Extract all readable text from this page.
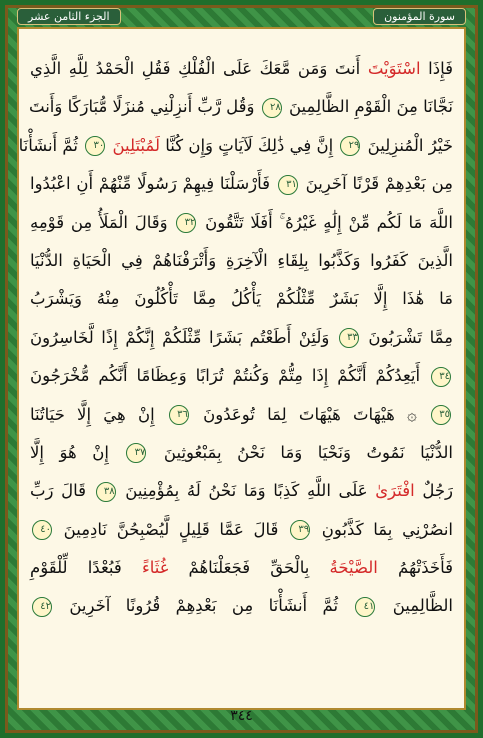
الجزء الثامن عشر	سورة المؤمنون
فَإِذَا اسْتَوَيْتَ أَنتَ وَمَن مَّعَكَ عَلَى الْفُلْكِ فَقُلِ الْحَمْدُ لِلَّهِ الَّذِي
نَجَّانَا مِنَ الْقَوْمِ الظَّالِمِينَ ٢٨ وَقُل رَّبِّ أَنزِلْنِي مُنزَلًا مُّبَارَكًا وَأَنتَ
خَيْرُ الْمُنزِلِينَ ٢٩ إِنَّ فِي ذَٰلِكَ لَآيَاتٍ وَإِن كُنَّا لَمُبْتَلِينَ ٣٠ ثُمَّ أَنشَأْنَا
مِن بَعْدِهِمْ قَرْنًا آخَرِينَ ٣١ فَأَرْسَلْنَا فِيهِمْ رَسُولًا مِّنْهُمْ أَنِ اعْبُدُوا
اللَّهَ مَا لَكُم مِّنْ إِلَٰهٍ غَيْرُهُ ۚ أَفَلَا تَتَّقُونَ ٣٢ وَقَالَ الْمَلَأُ مِن قَوْمِهِ
الَّذِينَ كَفَرُوا وَكَذَّبُوا بِلِقَاءِ الْآخِرَةِ وَأَتْرَفْنَاهُمْ فِي الْحَيَاةِ الدُّنْيَا
مَا هَٰذَا إِلَّا بَشَرٌ مِّثْلُكُمْ يَأْكُلُ مِمَّا تَأْكُلُونَ مِنْهُ وَيَشْرَبُ
مِمَّا تَشْرَبُونَ ٣٣ وَلَئِنْ أَطَعْتُم بَشَرًا مِّثْلَكُمْ إِنَّكُمْ إِذًا لَّخَاسِرُونَ
٣٤ أَيَعِدُكُمْ أَنَّكُمْ إِذَا مِتُّمْ وَكُنتُمْ تُرَابًا وَعِظَامًا أَنَّكُم مُّخْرَجُونَ
٣٥ ۞ هَيْهَاتَ هَيْهَاتَ لِمَا تُوعَدُونَ ٣٦ إِنْ هِيَ إِلَّا حَيَاتُنَا
الدُّنْيَا نَمُوتُ وَنَحْيَا وَمَا نَحْنُ بِمَبْعُوثِينَ ٣٧ إِنْ هُوَ إِلَّا
رَجُلٌ افْتَرَىٰ عَلَى اللَّهِ كَذِبًا وَمَا نَحْنُ لَهُ بِمُؤْمِنِينَ ٣٨ قَالَ رَبِّ
انصُرْنِي بِمَا كَذَّبُونِ ٣٩ قَالَ عَمَّا قَلِيلٍ لَّيُصْبِحُنَّ نَادِمِينَ ٤٠
فَأَخَذَتْهُمُ الصَّيْحَةُ بِالْحَقِّ فَجَعَلْنَاهُمْ غُثَاءً فَبُعْدًا لِّلْقَوْمِ
الظَّالِمِينَ ٤١ ثُمَّ أَنشَأْنَا مِن بَعْدِهِمْ قُرُونًا آخَرِينَ ٤٢
٣٤٤
